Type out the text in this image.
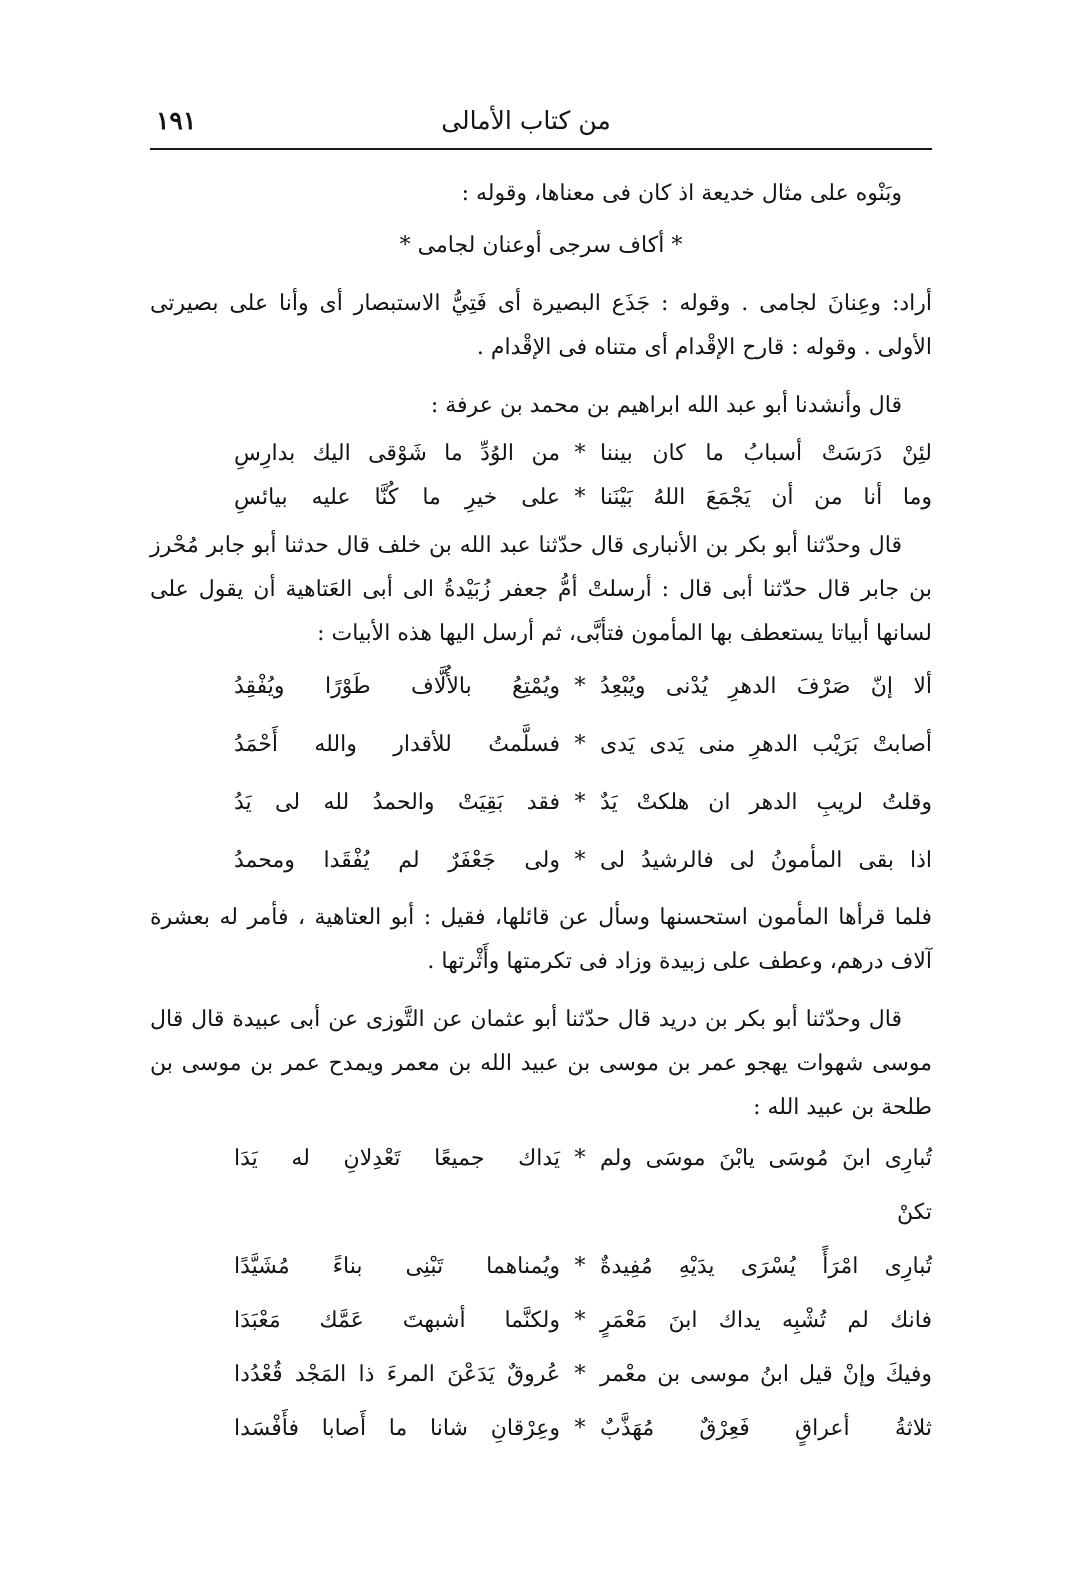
١٩١	من كتاب الأمالى

وبَنْوه على مثال خديعة اذ كان فى معناها، وقوله :

* أكاف سرجى أوعنان لجامى *

أراد: وعِنانَ لجامى . وقوله : جَذَع البصيرة أى فَتِيُّ الاستبصار أى وأنا على بصيرتى الأولى . وقوله : قارح الإقْدام أى متناه فى الإقْدام .

قال وأنشدنا أبو عبد الله ابراهيم بن محمد بن عرفة :

لئِنْ دَرَسَتْ أسبابُ ما كان بيننا
*
من الوُدِّ ما شَوْقى اليك بدارِسِ
وما أنا من أن يَجْمَعَ اللهُ بَيْنَنا
*
على خيرِ ما كُنَّا عليه بيائسِ

قال وحدّثنا أبو بكر بن الأنبارى قال حدّثنا عبد الله بن خلف قال حدثنا أبو جابر مُحْرز بن جابر قال حدّثنا أبى قال : أرسلتْ أمُّ جعفر زُبَيْدةُ الى أبى العَتاهية أن يقول على لسانها أبياتا يستعطف بها المأمون فتأبَّى، ثم أرسل اليها هذه الأبيات :

ألا إنّ صَرْفَ الدهرِ يُدْنى ويُبْعِدُ
*
ويُمْتِعُ بالأُلَّاف طَوْرًا ويُفْقِدُ
أصابتْ بَرَيْب الدهرِ منى يَدى يَدى
*
فسلَّمتُ للأقدار والله أَحْمَدُ
وقلتُ لريبِ الدهر ان هلكتْ يَدٌ
*
فقد بَقِيَتْ والحمدُ لله لى يَدُ
اذا بقى المأمونُ لى فالرشيدُ لى
*
ولى جَعْفَرٌ لم يُفْقَدا ومحمدُ

فلما قرأها المأمون استحسنها وسأل عن قائلها، فقيل : أبو العتاهية ، فأمر له بعشرة آلاف درهم، وعطف على زبيدة وزاد فى تكرمتها وأَثْرتها .

قال وحدّثنا أبو بكر بن دريد قال حدّثنا أبو عثمان عن التَّوزى عن أبى عبيدة قال قال موسى شهوات يهجو عمر بن موسى بن عبيد الله بن معمر ويمدح عمر بن موسى بن طلحة بن عبيد الله :

تُبارِى ابنَ مُوسَى يابْنَ موسَى ولم تكنْ
*
يَداك جميعًا تَعْدِلانِ له يَدَا
تُبارِى امْرَأً يُسْرَى يدَيْهِ مُفِيدةٌ
*
ويُمناهما تَبْنِى بناءً مُشَيَّدًا
فانك لم تُشْبِه يداك ابنَ مَعْمَرٍ
*
ولكنَّما أشبهتَ عَمَّك مَعْبَدَا
وفيكَ وإنْ قيل ابنُ موسى بن معْمر
*
عُروقٌ يَدَعْنَ المرءَ ذا المَجْد قُعْدُدا
ثلاثةُ أعراقٍ فَعِرْقٌ مُهَذَّبٌ
*
وعِرْقانِ شانا ما أَصابا فأَفْسَدا
